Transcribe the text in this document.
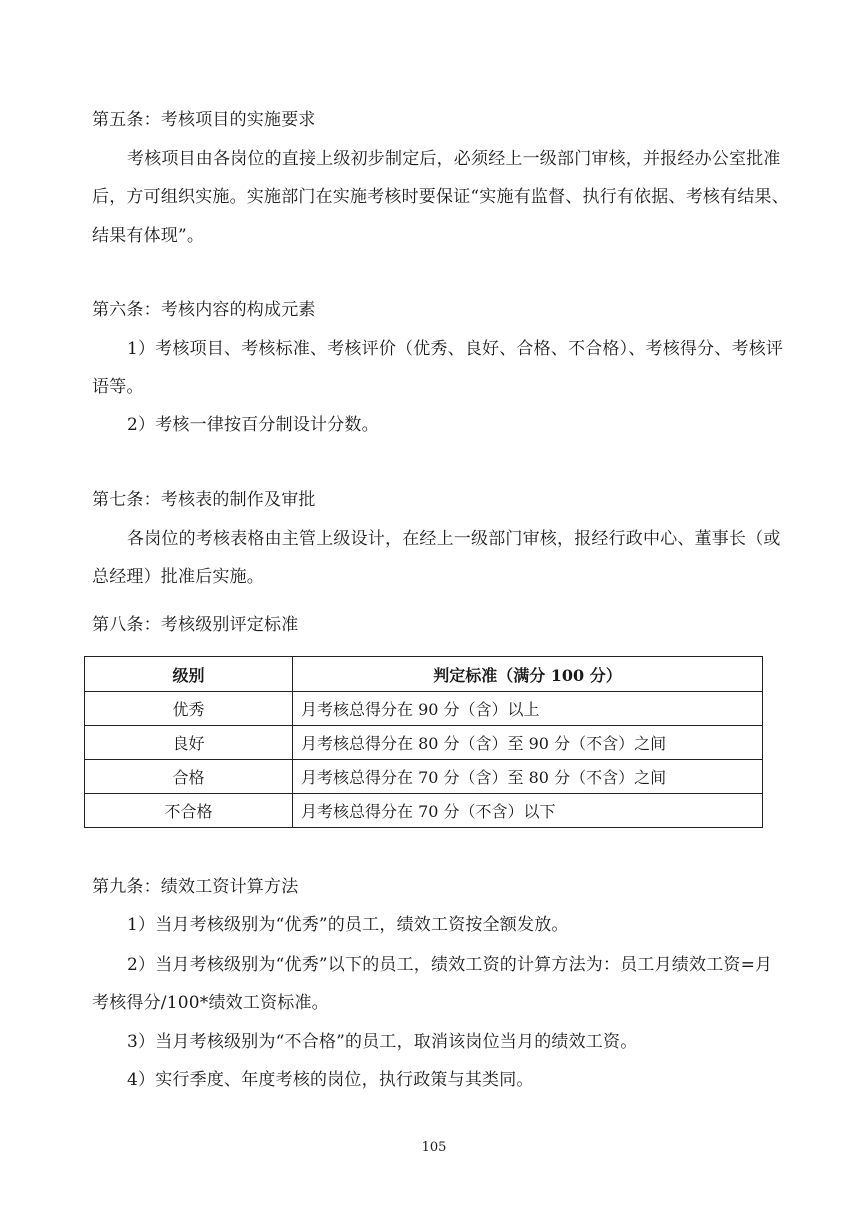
第五条：考核项目的实施要求
考核项目由各岗位的直接上级初步制定后，必须经上一级部门审核，并报经办公室批准
后，方可组织实施。实施部门在实施考核时要保证“实施有监督、执行有依据、考核有结果、
结果有体现”。
第六条：考核内容的构成元素
1）考核项目、考核标准、考核评价（优秀、良好、合格、不合格）、考核得分、考核评
语等。
2）考核一律按百分制设计分数。
第七条：考核表的制作及审批
各岗位的考核表格由主管上级设计，在经上一级部门审核，报经行政中心、董事长（或
总经理）批准后实施。
第八条：考核级别评定标准
级别	判定标准（满分 100 分）
优秀	月考核总得分在 90 分（含）以上
良好	月考核总得分在 80 分（含）至 90 分（不含）之间
合格	月考核总得分在 70 分（含）至 80 分（不含）之间
不合格	月考核总得分在 70 分（不含）以下
第九条：绩效工资计算方法
1）当月考核级别为“优秀”的员工，绩效工资按全额发放。
2）当月考核级别为“优秀”以下的员工，绩效工资的计算方法为：员工月绩效工资=月
考核得分/100*绩效工资标准。
3）当月考核级别为“不合格”的员工，取消该岗位当月的绩效工资。
4）实行季度、年度考核的岗位，执行政策与其类同。
105
